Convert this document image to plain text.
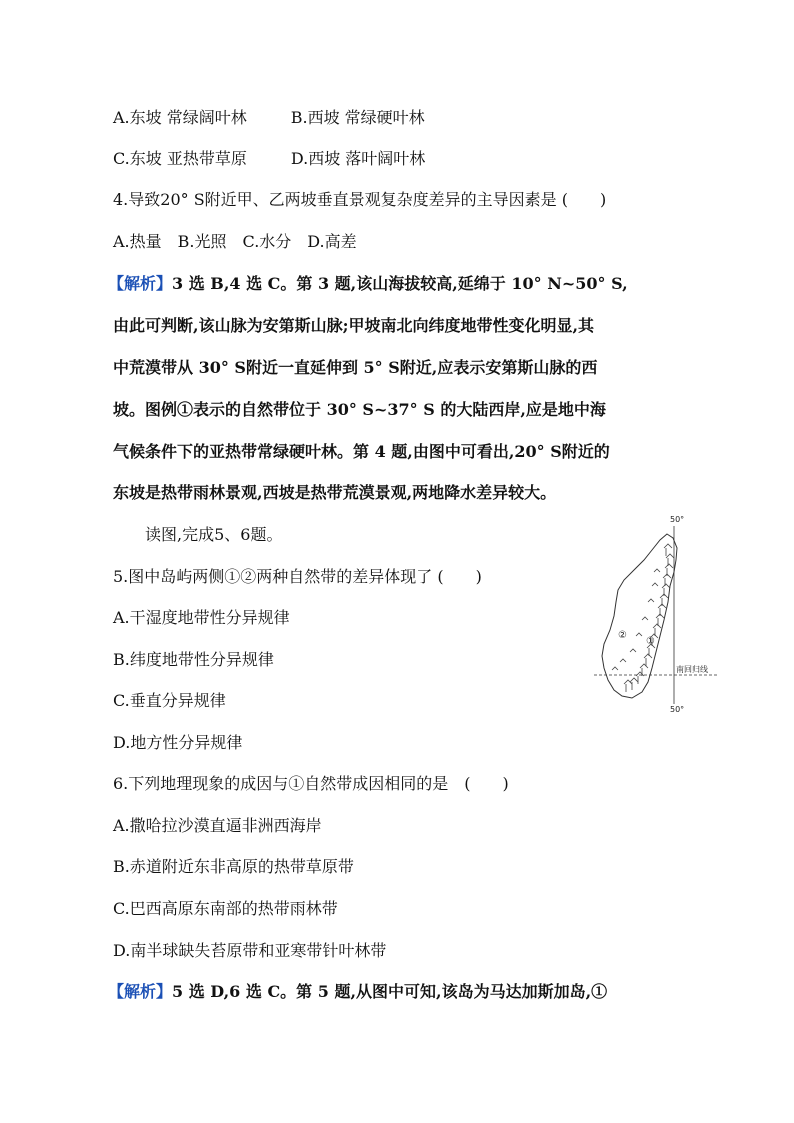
A.东坡 常绿阔叶林	B.西坡 常绿硬叶林
C.东坡 亚热带草原	D.西坡 落叶阔叶林
4.导致20° S附近甲、乙两坡垂直景观复杂度差异的主导因素是 (　　)
A.热量 B.光照 C.水分 D.高差
【解析】3 选 B,4 选 C。第 3 题,该山海拔较高,延绵于 10° N~50° S,
由此可判断,该山脉为安第斯山脉;甲坡南北向纬度地带性变化明显,其
中荒漠带从 30° S附近一直延伸到 5° S附近,应表示安第斯山脉的西
坡。图例①表示的自然带位于 30° S~37° S 的大陆西岸,应是地中海
气候条件下的亚热带常绿硬叶林。第 4 题,由图中可看出,20° S附近的
东坡是热带雨林景观,西坡是热带荒漠景观,两地降水差异较大。
读图,完成5、6题。
5.图中岛屿两侧①②两种自然带的差异体现了 (　　)
A.干湿度地带性分异规律
B.纬度地带性分异规律
C.垂直分异规律
D.地方性分异规律
6.下列地理现象的成因与①自然带成因相同的是　(　　)
A.撒哈拉沙漠直逼非洲西海岸
B.赤道附近东非高原的热带草原带
C.巴西高原东南部的热带雨林带
D.南半球缺失苔原带和亚寒带针叶林带
【解析】5 选 D,6 选 C。第 5 题,从图中可知,该岛为马达加斯加岛,①
50°
50°
南回归线
①
②
